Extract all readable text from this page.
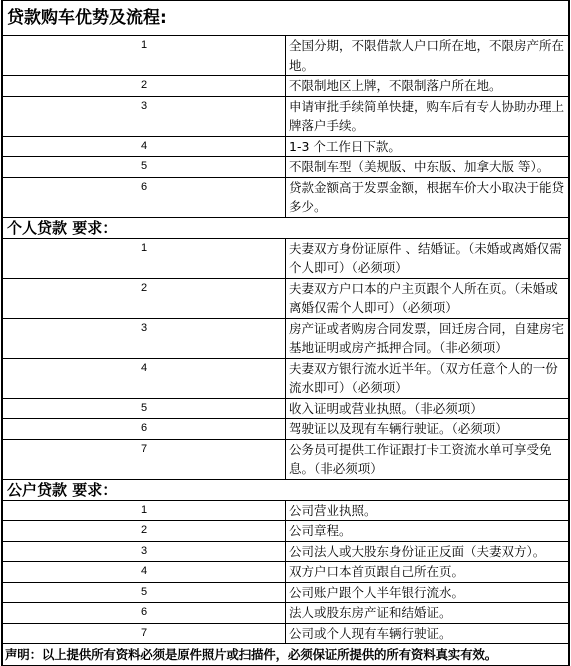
贷款购车优势及流程:	
1	全国分期，不限借款人户口所在地，不限房产所在地。
2	不限制地区上牌，不限制落户所在地。
3	申请审批手续简单快捷，购车后有专人协助办理上牌落户手续。
4	1-3 个工作日下款。
5	不限制车型（美规版、中东版、加拿大版 等）。
6	贷款金额高于发票金额，根据车价大小取决于能贷多少。
个人贷款 要求：	
1	夫妻双方身份证原件 、结婚证。（未婚或离婚仅需个人即可）（必须项）
2	夫妻双方户口本的户主页跟个人所在页。（未婚或离婚仅需个人即可）（必须项）
3	房产证或者购房合同发票，回迁房合同，自建房宅基地证明或房产抵押合同。（非必须项）
4	夫妻双方银行流水近半年。（双方任意个人的一份流水即可）（必须项）
5	收入证明或营业执照。（非必须项）
6	驾驶证以及现有车辆行驶证。（必须项）
7	公务员可提供工作证跟打卡工资流水单可享受免息。（非必须项）
公户贷款 要求：	
1	公司营业执照。
2	公司章程。
3	公司法人或大股东身份证正反面（夫妻双方）。
4	双方户口本首页跟自己所在页。
5	公司账户跟个人半年银行流水。
6	法人或股东房产证和结婚证。
7	公司或个人现有车辆行驶证。
声明：以上提供所有资料必须是原件照片或扫描件，必须保证所提供的所有资料真实有效。	
